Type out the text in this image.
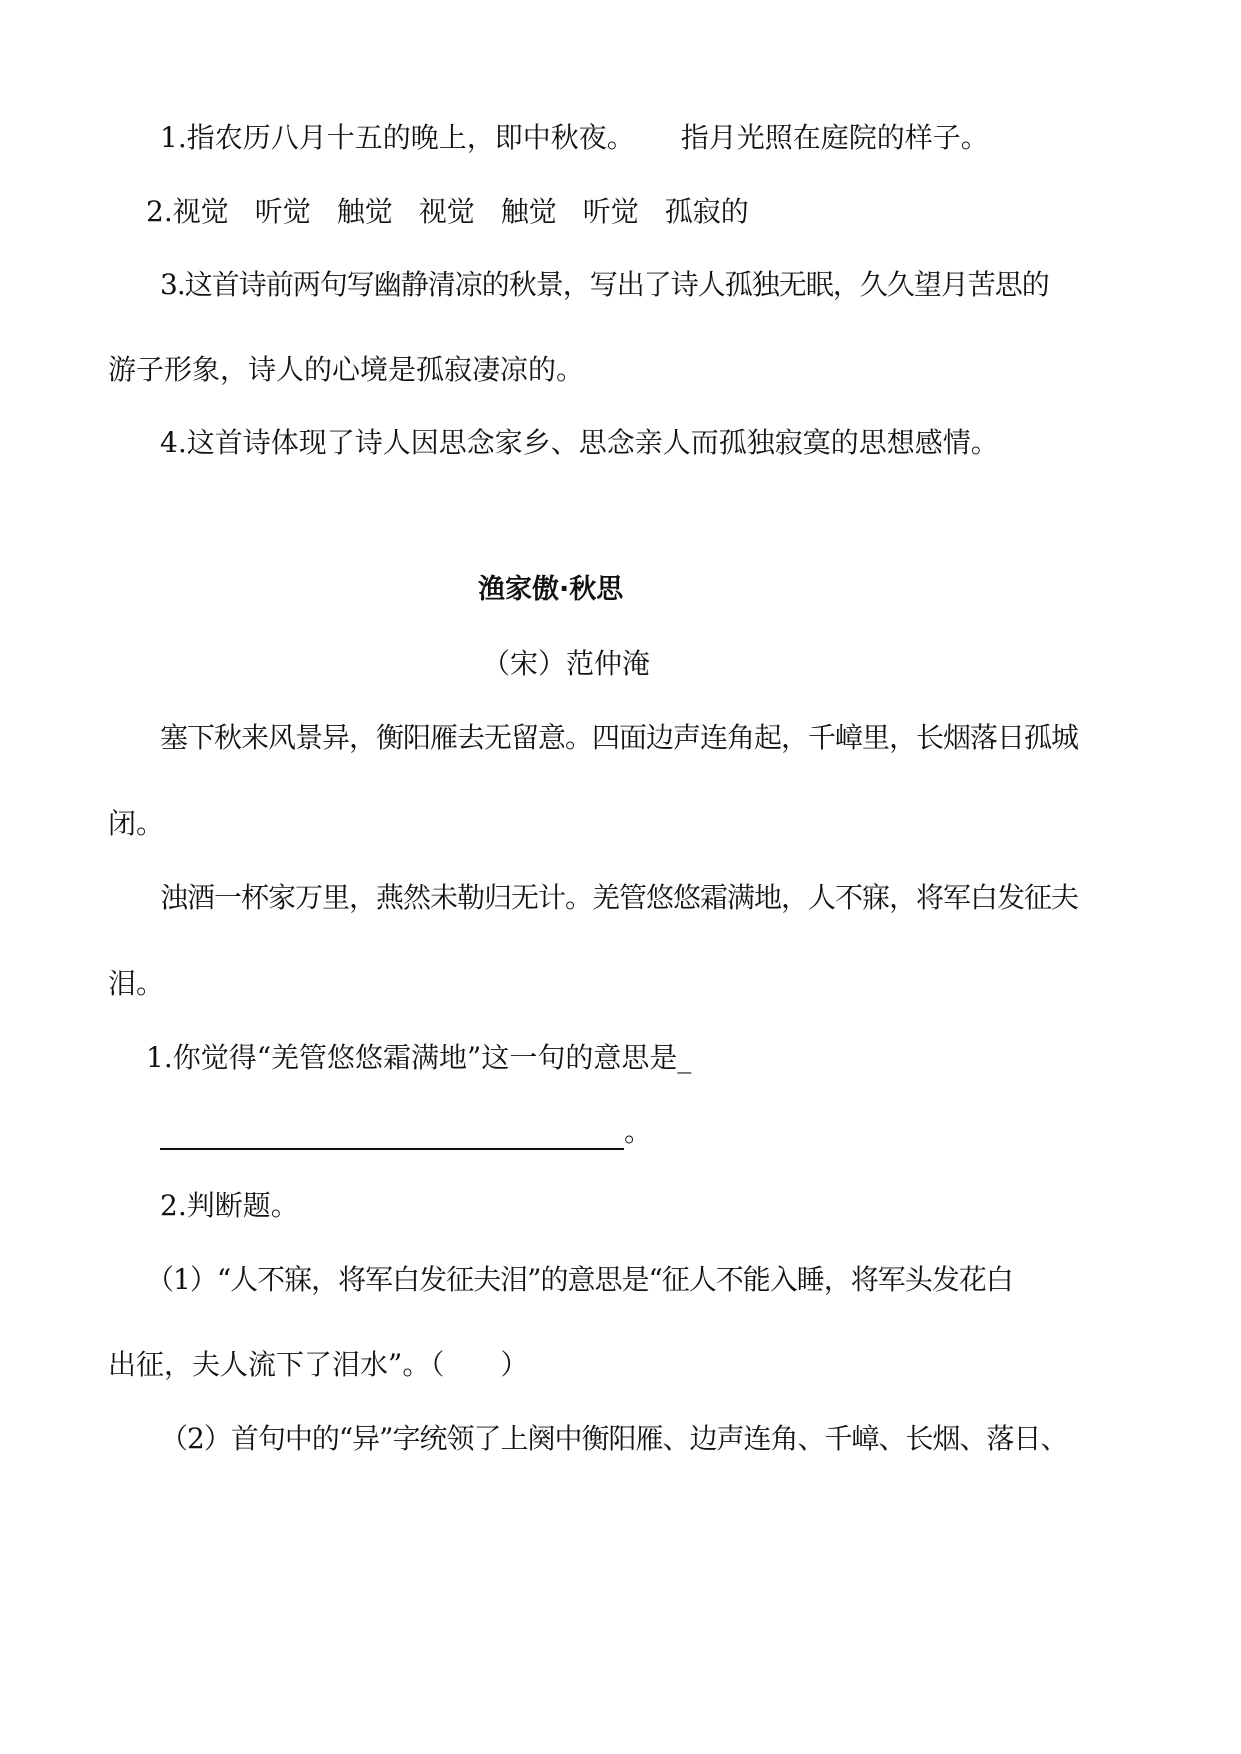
1.指农历八月十五的晚上，即中秋夜。 指月光照在庭院的样子。
2.视觉 听觉 触觉 视觉 触觉 听觉 孤寂的
3.这首诗前两句写幽静清凉的秋景，写出了诗人孤独无眠，久久望月苦思的
游子形象，诗人的心境是孤寂凄凉的。
4.这首诗体现了诗人因思念家乡、思念亲人而孤独寂寞的思想感情。
渔家傲·秋思
（宋）范仲淹
塞下秋来风景异，衡阳雁去无留意。四面边声连角起，千嶂里，长烟落日孤城
闭。
浊酒一杯家万里，燕然未勒归无计。羌管悠悠霜满地，人不寐，将军白发征夫
泪。
1.你觉得“羌管悠悠霜满地”这一句的意思是_
。
2.判断题。
（1）“人不寐，将军白发征夫泪”的意思是“征人不能入睡，将军头发花白
出征，夫人流下了泪水”。（　　）
（2）首句中的“异”字统领了上阕中衡阳雁、边声连角、千嶂、长烟、落日、
